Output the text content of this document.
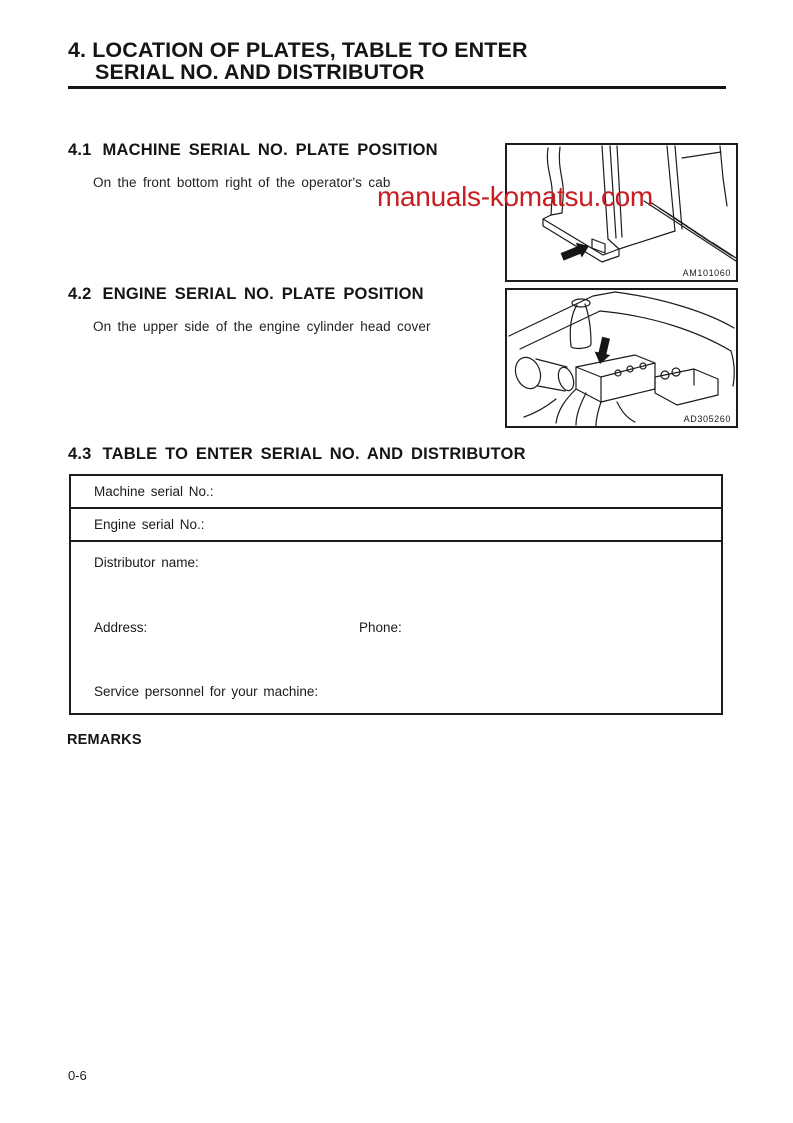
4. LOCATION OF PLATES, TABLE TO ENTER
SERIAL NO. AND DISTRIBUTOR
4.1 MACHINE SERIAL NO. PLATE POSITION

On the front bottom right of the operator's cab

manuals-komatsu.com
AM101060
4.2 ENGINE SERIAL NO. PLATE POSITION

On the upper side of the engine cylinder head cover

AD305260
4.3 TABLE TO ENTER SERIAL NO. AND DISTRIBUTOR
Machine serial No.:
Engine serial No.:
Distributor name:
Address:	Phone:
Service personnel for your machine:
REMARKS
0-6
